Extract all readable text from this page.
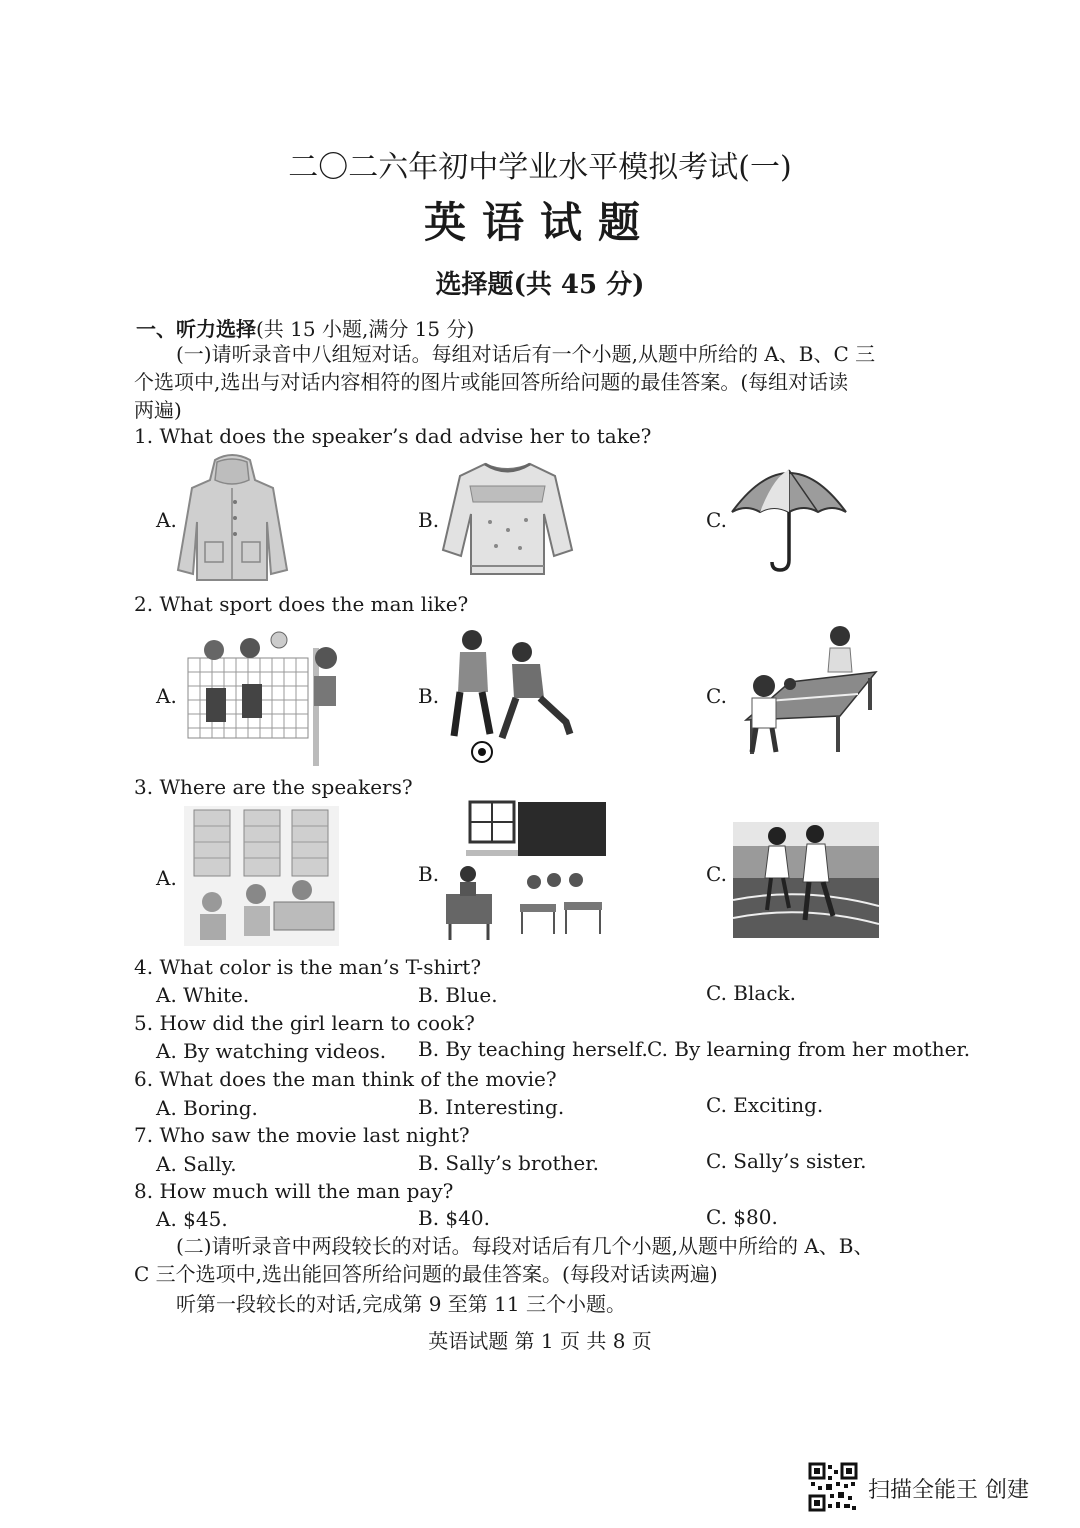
二〇二六年初中学业水平模拟考试(一)
英语试题
选择题(共 45 分)
一、听力选择(共 15 小题,满分 15 分)
(一)请听录音中八组短对话。每组对话后有一个小题,从题中所给的 A、B、C 三
个选项中,选出与对话内容相符的图片或能回答所给问题的最佳答案。(每组对话读
两遍)
1. What does the speaker’s dad advise her to take?
A.	B.	C.
2. What sport does the man like?
A.	B.	C.
3. Where are the speakers?
A.	B.	C.
4. What color is the man’s T-shirt?
A. White.	B. Blue.	C. Black.
5. How did the girl learn to cook?
A. By watching videos. B. By teaching herself. C. By learning from her mother.
6. What does the man think of the movie?
A. Boring.	B. Interesting.	C. Exciting.
7. Who saw the movie last night?
A. Sally.	B. Sally’s brother.	C. Sally’s sister.
8. How much will the man pay?
A. $45.	B. $40.	C. $80.
(二)请听录音中两段较长的对话。每段对话后有几个小题,从题中所给的 A、B、
C 三个选项中,选出能回答所给问题的最佳答案。(每段对话读两遍)
听第一段较长的对话,完成第 9 至第 11 三个小题。
英语试题 第 1 页 共 8 页
扫描全能王 创建
